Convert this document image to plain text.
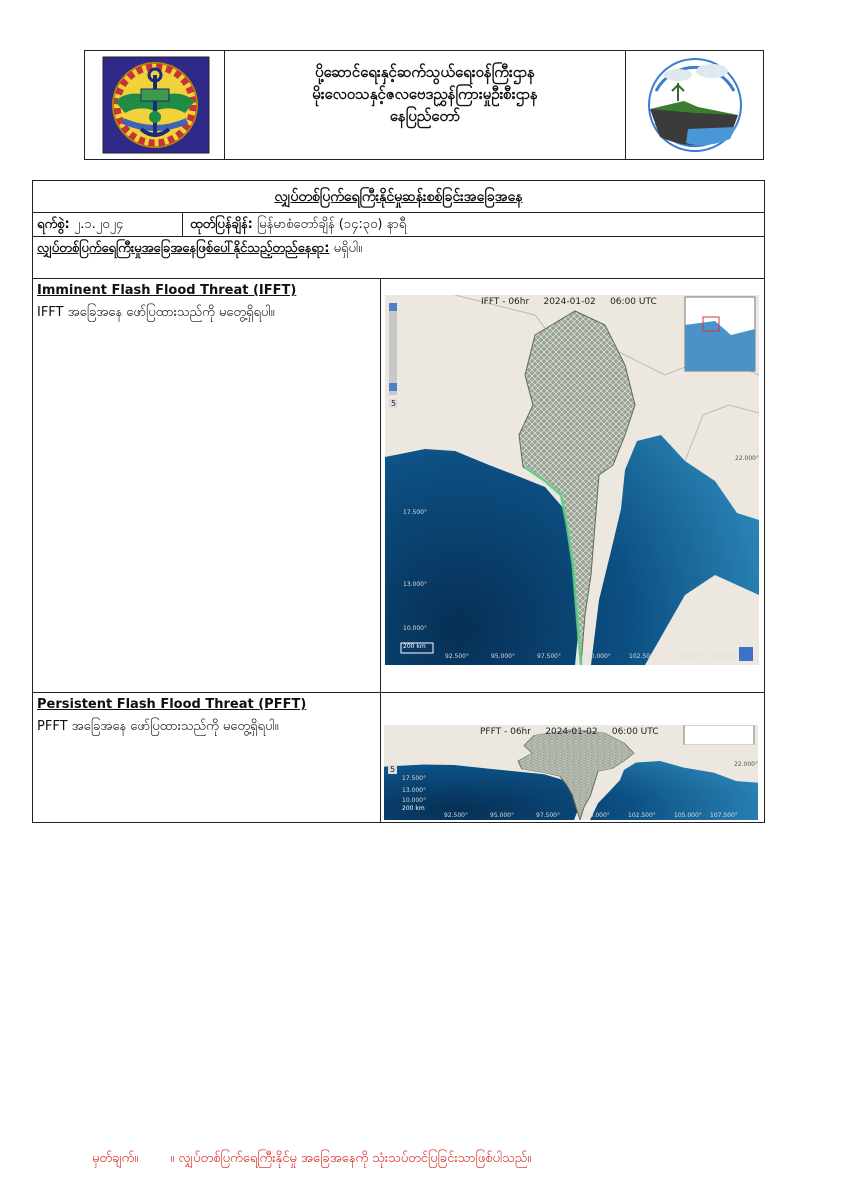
ပို့ဆောင်ရေးနှင့်ဆက်သွယ်ရေးဝန်ကြီးဌာန
မိုးလေဝသနှင့်ဇလဗေဒညွှန်ကြားမှုဦးစီးဌာန
နေပြည်တော်
လျှပ်တစ်ပြက်ရေကြီးနိုင်မှုဆန်းစစ်ခြင်းအခြေအနေ
ရက်စွဲ: ၂.၁.၂၀၂၄	ထုတ်ပြန်ချိန်: မြန်မာစံတော်ချိန် (၁၄:၃၀) နာရီ
လျှပ်တစ်ပြက်ရေကြီးမှုအခြေအနေဖြစ်ပေါ်နိုင်သည့်တည်နေရာ: မရှိပါ။
Imminent Flash Flood Threat (IFFT)
IFFT အခြေအနေ ဖော်ပြထားသည်ကို မတွေ့ရှိရပါ။
IFFT - 06hr     2024-01-02     06:00 UTC
5
200 km
22.000°
17.500°
13.000°
10.000°
92.500°	95.000°	97.500°	100.000°	102.500°	105.000° 107.500°
Persistent Flash Flood Threat (PFFT)
PFFT အခြေအနေ ဖော်ပြထားသည်ကို မတွေ့ရှိရပါ။	PFFT - 06hr     2024-01-02     06:00 UTC
5
200 km
22.000°
17.500°
13.000°
10.000°
92.500°	95.000°	97.500°	100.000°	102.500°	105.000° 107.500°
မှတ်ချက်။ ။ လျှပ်တစ်ပြက်ရေကြီးနိုင်မှု အခြေအနေကို သုံးသပ်တင်ပြခြင်းသာဖြစ်ပါသည်။
